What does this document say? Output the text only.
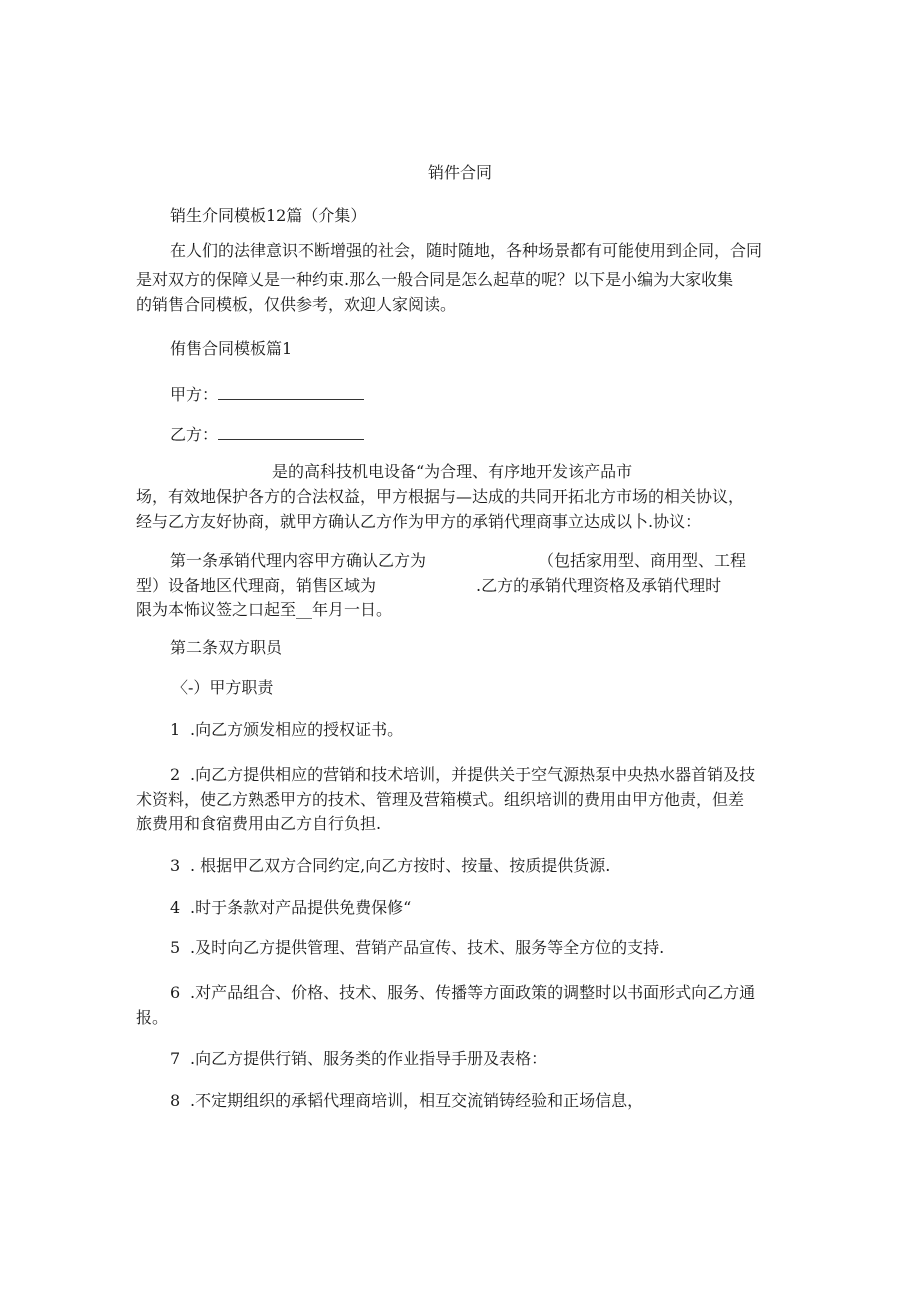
销件合同
销生介同模板12篇（介集）
在人们的法律意识不断增强的社会，随时随地，各种场景都有可能使用到企同，合同
是对双方的保障乂是一种约束.那么一般合同是怎么起草的呢？以下是小编为大家收集
的销售合同模板，仅供参考，欢迎人家阅读。
侑售合同模板篇1
甲方：
乙方：
是的高科技机电设备“为合理、有序地开发该产品市
场，有效地保护各方的合法权益，甲方根据与—达成的共同开拓北方市场的相关协议，
经与乙方友好协商，就甲方确认乙方作为甲方的承销代理商事立达成以卜.协议：
第一条承销代理内容甲方确认乙方为	（包括家用型、商用型、工程
型）设备地区代理商，销售区域为	.乙方的承销代理资格及承销代理时
限为本怖议签之口起至__年月一日。
第二条双方职员
〈-）甲方职责
1 .向乙方颁发相应的授权证书。
2 .向乙方提供相应的营销和技术培训，并提供关于空气源热泵中央热水器首销及技
术资料，使乙方熟悉甲方的技术、管理及营箱模式。组织培训的费用由甲方他责，但差
旅费用和食宿费用由乙方自行负担.
3 . 根据甲乙双方合同约定,向乙方按时、按量、按质提供货源.
4 .时于条款对产品提供免费保修“
5 .及时向乙方提供管理、营销产品宣传、技术、服务等全方位的支持.
6 .对产品组合、价格、技术、服务、传播等方面政策的调整时以书面形式向乙方通
报。
7 .向乙方提供行销、服务类的作业指导手册及表格：
8 .不定期组织的承韬代理商培训，相互交流销铸经验和正场信息，
